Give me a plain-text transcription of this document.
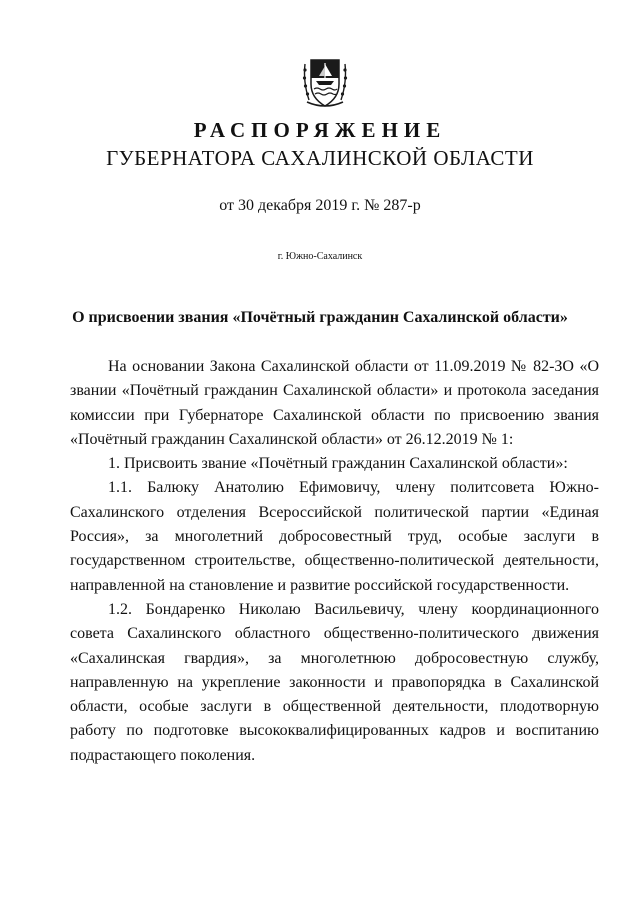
РАСПОРЯЖЕНИЕ
ГУБЕРНАТОРА САХАЛИНСКОЙ ОБЛАСТИ
от 30 декабря 2019 г. № 287-р
г. Южно-Сахалинск
О присвоении звания «Почётный гражданин Сахалинской области»

На основании Закона Сахалинской области от 11.09.2019 № 82-ЗО «О звании «Почётный гражданин Сахалинской области» и протокола заседания комиссии при Губернаторе Сахалинской области по присвоению звания «Почётный гражданин Сахалинской области» от 26.12.2019 № 1:

1. Присвоить звание «Почётный гражданин Сахалинской области»:

1.1. Балюку Анатолию Ефимовичу, члену политсовета Южно-Сахалинского отделения Всероссийской политической партии «Единая Россия», за многолетний добросовестный труд, особые заслуги в государственном строительстве, общественно-политической деятельности, направленной на становление и развитие российской государственности.

1.2. Бондаренко Николаю Васильевичу, члену координационного совета Сахалинского областного общественно-политического движения «Сахалинская гвардия», за многолетнюю добросовестную службу, направленную на укрепление законности и правопорядка в Сахалинской области, особые заслуги в общественной деятельности, плодотворную работу по подготовке высококвалифицированных кадров и воспитанию подрастающего поколения.
